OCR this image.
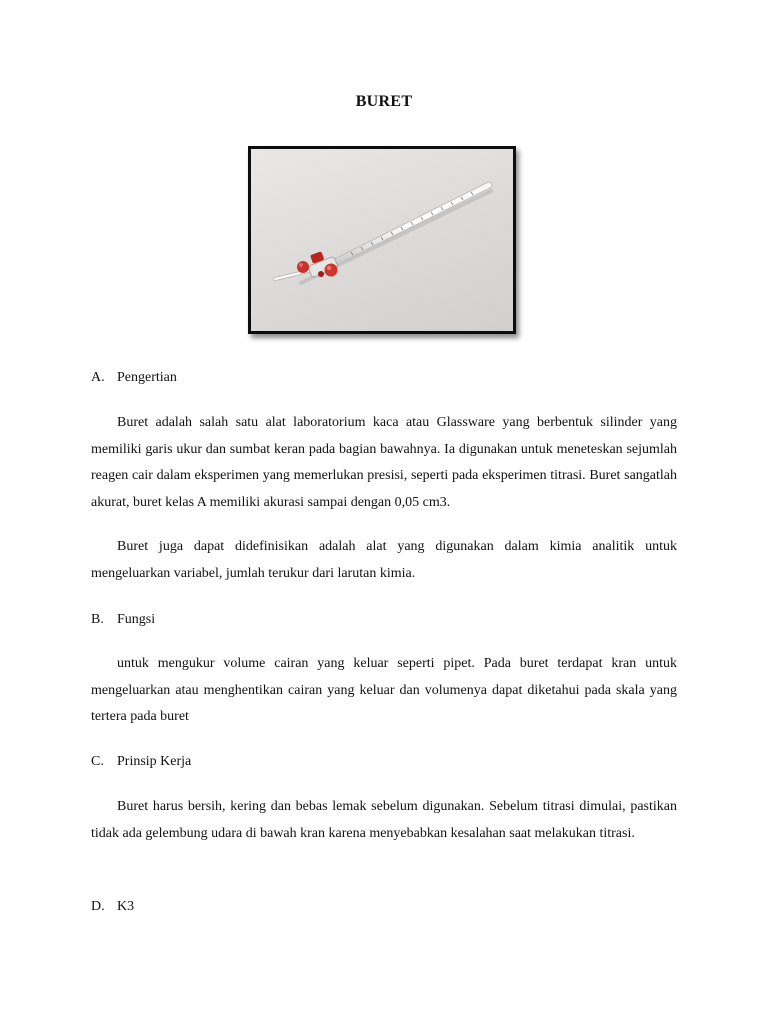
BURET
A. Pengertian

Buret adalah salah satu alat laboratorium kaca atau Glassware yang berbentuk silinder yang memiliki garis ukur dan sumbat keran pada bagian bawahnya. Ia digunakan untuk meneteskan sejumlah reagen cair dalam eksperimen yang memerlukan presisi, seperti pada eksperimen titrasi. Buret sangatlah akurat, buret kelas A memiliki akurasi sampai dengan 0,05 cm3.

Buret juga dapat didefinisikan adalah alat yang digunakan dalam kimia analitik untuk mengeluarkan variabel, jumlah terukur dari larutan kimia.

B. Fungsi

untuk mengukur volume cairan yang keluar seperti pipet. Pada buret terdapat kran untuk mengeluarkan atau menghentikan cairan yang keluar dan volumenya dapat diketahui pada skala yang tertera pada buret

C. Prinsip Kerja

Buret harus bersih, kering dan bebas lemak sebelum digunakan. Sebelum titrasi dimulai, pastikan tidak ada gelembung udara di bawah kran karena menyebabkan kesalahan saat melakukan titrasi.

D. K3
